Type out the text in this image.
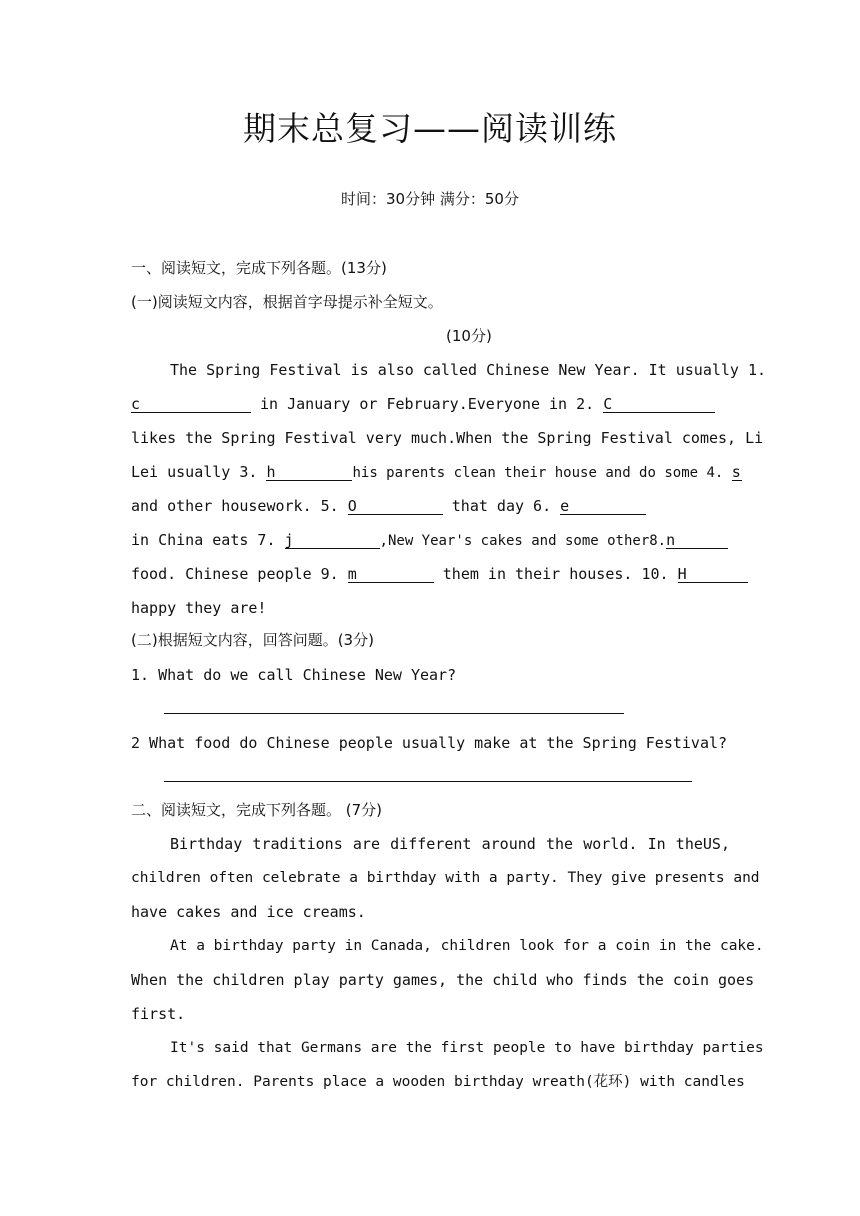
期末总复习——阅读训练
时间：30分钟 满分：50分
一、阅读短文，完成下列各题。(13分)
(一)阅读短文内容，根据首字母提示补全短文。
(10分)
The Spring Festival is also called Chinese New Year. It usually 1.
c	in January or February.Everyone in 2. C
likes the Spring Festival very much.When the Spring Festival comes, Li
Lei usually 3. h	his parents clean their house and do some 4. s
and other housework. 5. O	that day 6. e
in China eats 7. j	,New Year's cakes and some other8.n
food. Chinese people 9. m	them in their houses. 10. H
happy they are!
(二)根据短文内容，回答问题。(3分)
1. What do we call Chinese New Year?
2 What food do Chinese people usually make at the Spring Festival?
二、阅读短文，完成下列各题。 (7分)
Birthday traditions are different around the world. In theUS,
children often celebrate a birthday with a party. They give presents and
have cakes and ice creams.
At a birthday party in Canada, children look for a coin in the cake.
When the children play party games, the child who finds the coin goes
first.
It's said that Germans are the first people to have birthday parties
for children. Parents place a wooden birthday wreath(花环) with candles
